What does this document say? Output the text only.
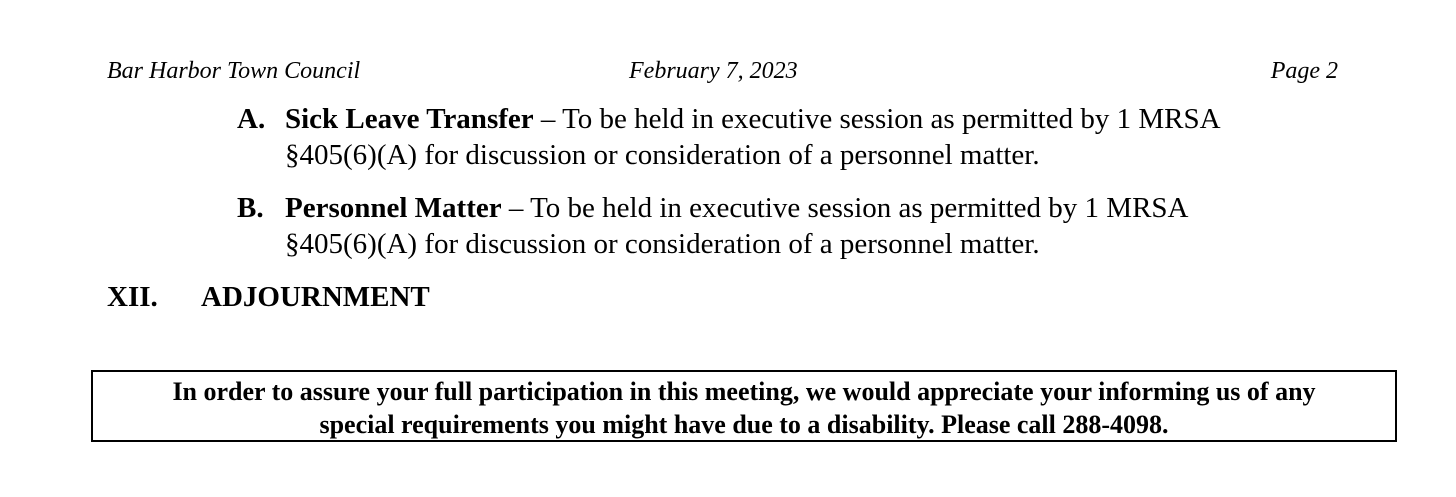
Bar Harbor Town Council	February 7, 2023	Page 2
A. Sick Leave Transfer – To be held in executive session as permitted by 1 MRSA
§405(6)(A) for discussion or consideration of a personnel matter.
B. Personnel Matter – To be held in executive session as permitted by 1 MRSA
§405(6)(A) for discussion or consideration of a personnel matter.
XII. ADJOURNMENT
In order to assure your full participation in this meeting, we would appreciate your informing us of any
special requirements you might have due to a disability. Please call 288-4098.
